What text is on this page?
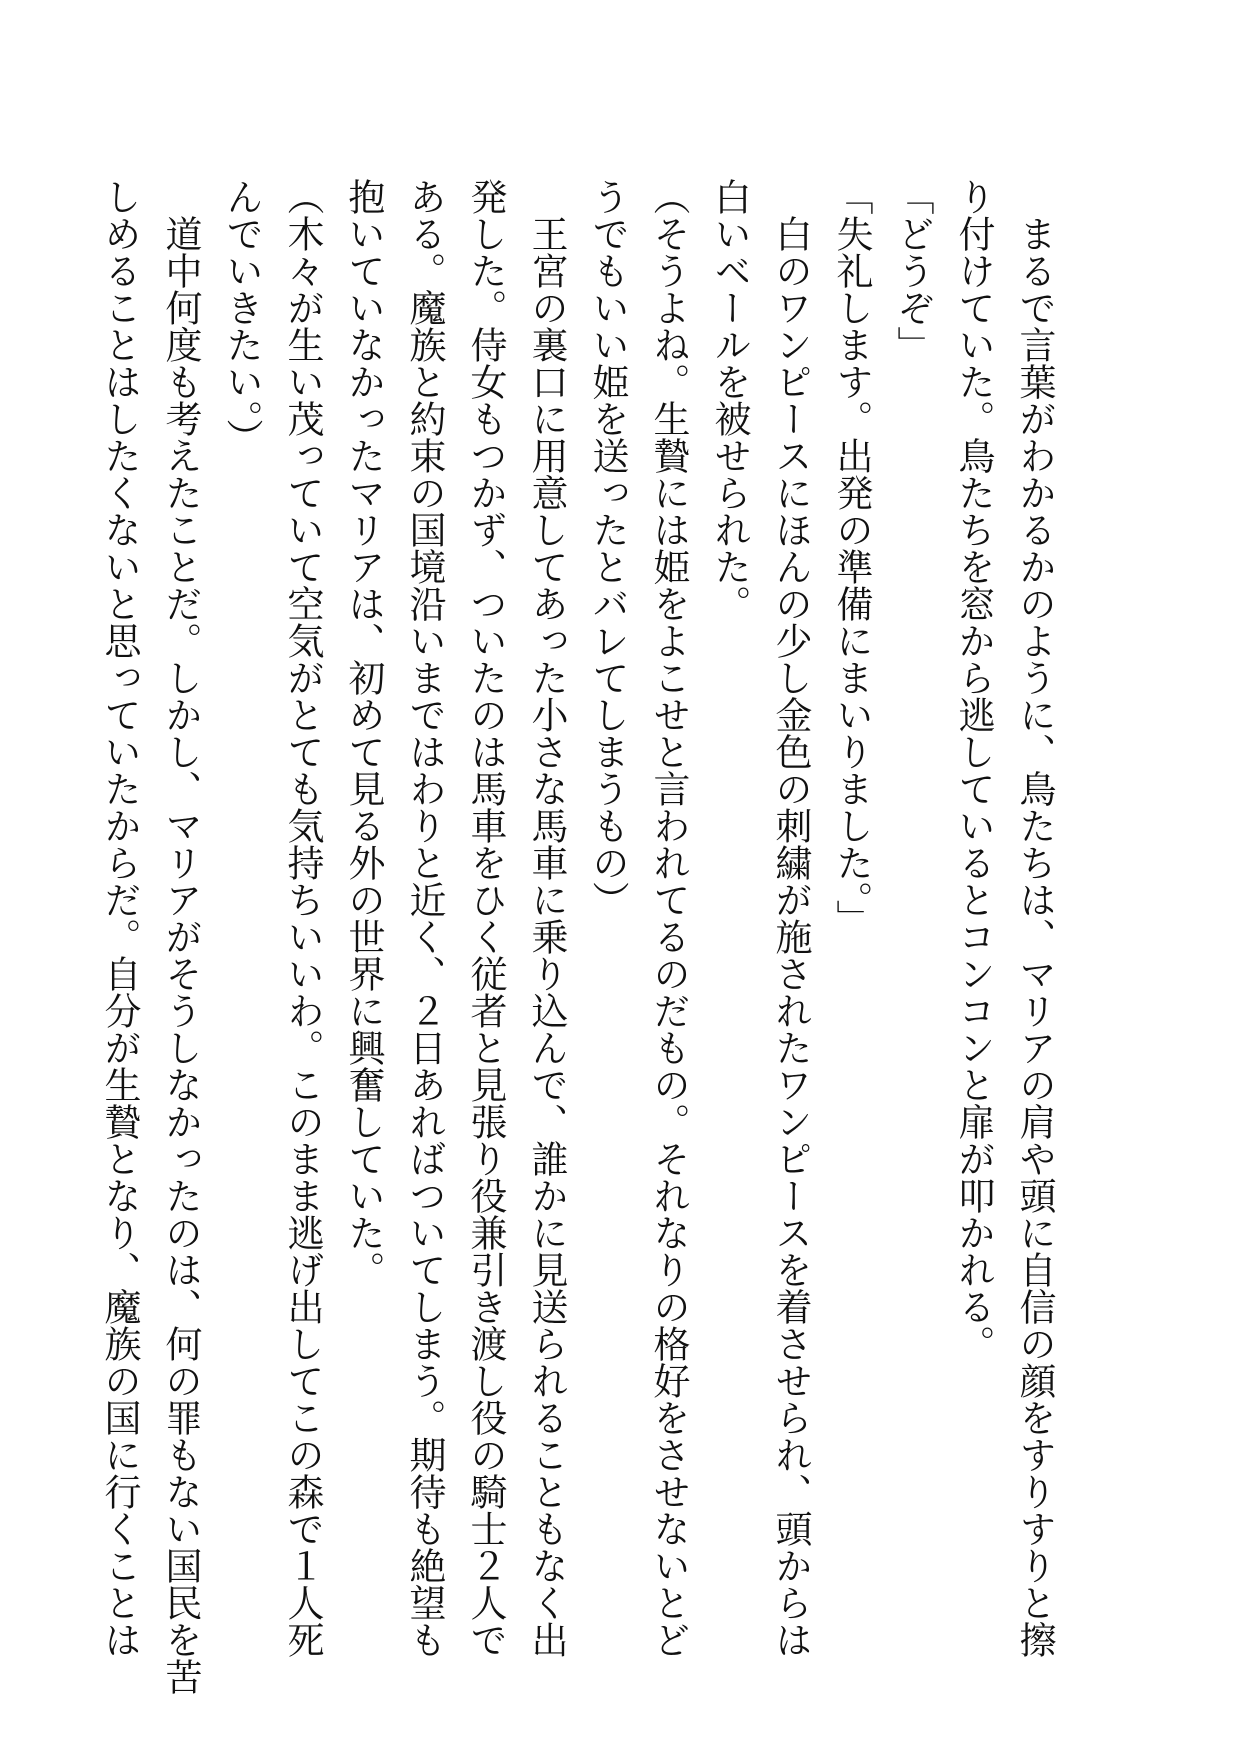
　まるで言葉がわかるかのように、鳥たちは、マリアの肩や頭に自信の顔をすりすりと擦

り付けていた。鳥たちを窓から逃しているとコンコンと扉が叩かれる。

「どうぞ」

「失礼します。出発の準備にまいりました。」

　白のワンピースにほんの少し金色の刺繍が施されたワンピースを着させられ、頭からは

白いベールを被せられた。

（そうよね。生贄には姫をよこせと言われてるのだもの。それなりの格好をさせないとど

うでもいい姫を送ったとバレてしまうもの）

　王宮の裏口に用意してあった小さな馬車に乗り込んで、誰かに見送られることもなく出

発した。侍女もつかず、ついたのは馬車をひく従者と見張り役兼引き渡し役の騎士２人で

ある。魔族と約束の国境沿いまではわりと近く、２日あればついてしまう。期待も絶望も

抱いていなかったマリアは、初めて見る外の世界に興奮していた。

（木々が生い茂っていて空気がとても気持ちいいわ。このまま逃げ出してこの森で１人死

んでいきたい。）

　道中何度も考えたことだ。しかし、マリアがそうしなかったのは、何の罪もない国民を苦

しめることはしたくないと思っていたからだ。自分が生贄となり、魔族の国に行くことは
